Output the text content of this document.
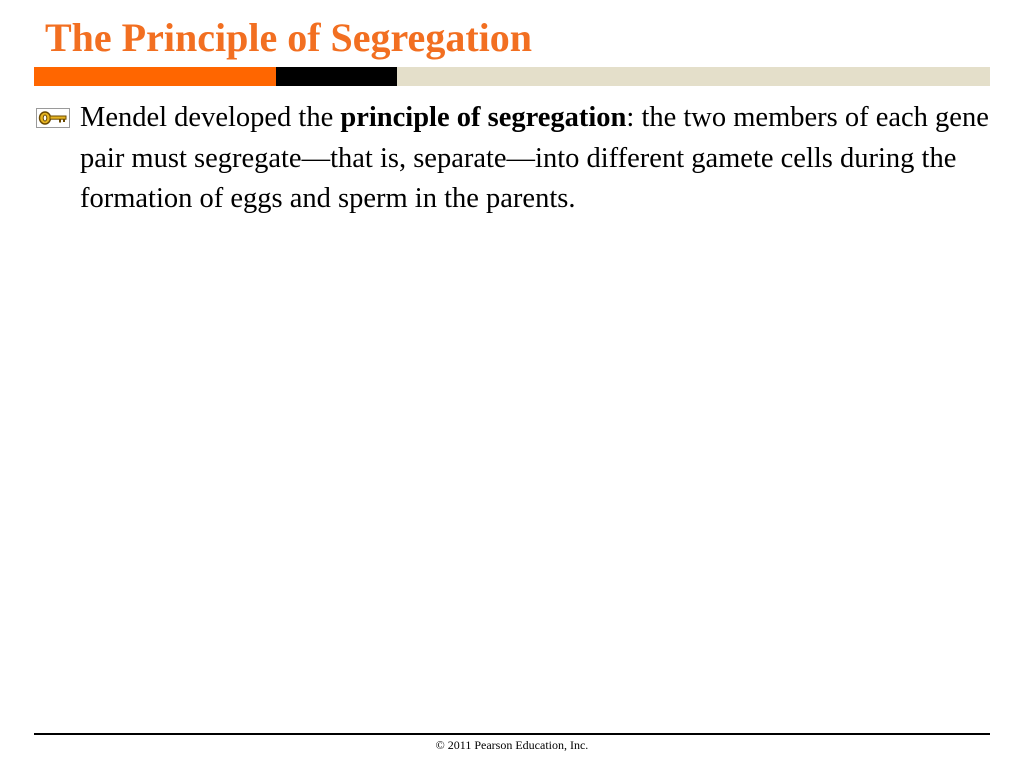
The Principle of Segregation

Mendel developed the principle of segregation: the two members of each gene pair must segregate—that is, separate—into different gamete cells during the formation of eggs and sperm in the parents.

© 2011 Pearson Education, Inc.
